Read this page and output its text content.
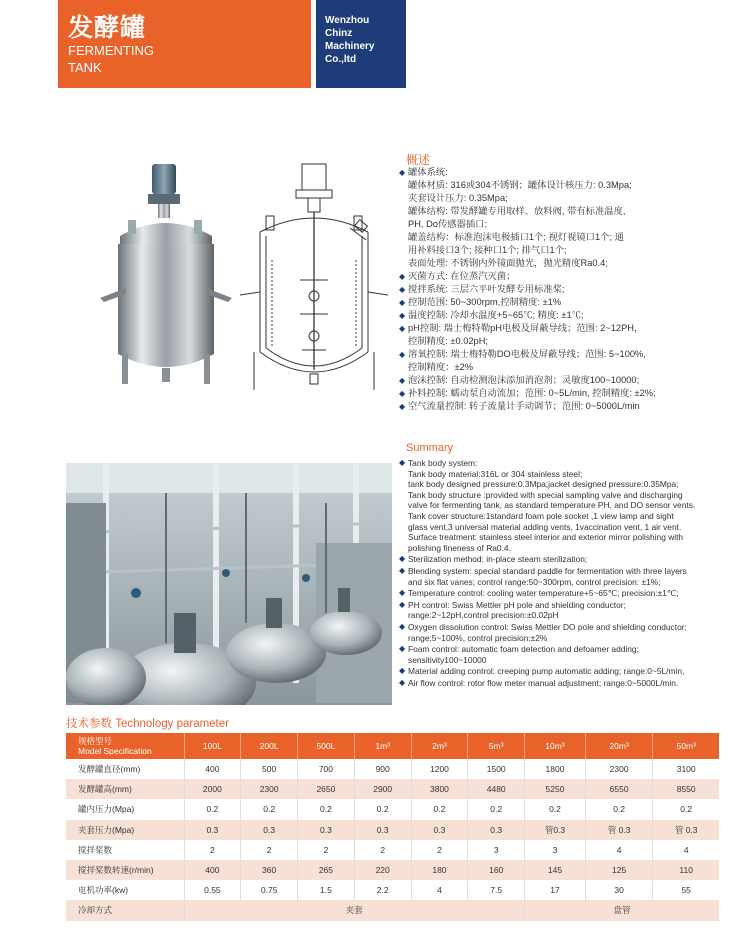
发酵罐
FERMENTING
TANK
Wenzhou
Chinz
Machinery
Co.,ltd
概述
◆ 罐体系统:
罐体材质: 316或304不锈钢；罐体设计核压力: 0.3Mpa;
夹套设计压力: 0.35Mpa;
罐体结构: 带发酵罐专用取样、放料阀, 带有标准温度,
PH, Do传感器插口;
罐盖结构：标准泡沫电极插口1个; 视灯视镜口1个; 通
用补料接口3个; 接种口1个; 排气口1个;
表面处理: 不锈钢内外镜面抛光，抛光精度Ra0.4;
◆ 灭菌方式: 在位蒸汽灭菌；
◆ 搅拌系统: 三层六平叶发酵专用标准桨;
◆ 控制范围: 50~300rpm,控制精度: ±1%
◆ 温度控制: 冷却水温度+5~65℃; 精度: ±1℃;
◆ pH控制: 瑞士梅特勒pH电极及屏蔽导线；范围: 2~12PH，
控制精度: ±0.02pH;
◆ 溶氧控制: 瑞士梅特勒DO电极及屏蔽导线；范围: 5~100%,
控制精度：±2%
◆ 泡沫控制: 自动检测泡沫添加消泡剂；灵敏度100~10000;
◆ 补料控制: 蠕动泵自动流加；范围: 0~5L/min, 控制精度: ±2%;
◆ 空气流量控制: 转子流量计手动调节；范围: 0~5000L/min
Summary
◆ Tank body system:
Tank body material:316L or 304 stainless steel;
tank body designed pressure:0.3Mpa;jacket designed pressure:0.35Mpa;
Tank body structure :provided with special sampling valve and discharging
valve for fermenting tank, as standard temperature PH, and DO sensor vents.
Tank cover structure:1standard foam pole socket ,1 view lamp and sight
glass vent,3 universal material adding vents, 1vaccination vent, 1 air vent.
Surface treatment: stainless steel interior and exterior mirror polishing with
polishing fineness of Ra0.4.
◆ Sterilization method: in-place steam sterilization;
◆ Blending system: special standard paddle for fermentation with three layers
and six flat vanes; control range:50~300rpm, control precision: ±1%;
◆ Temperature control: cooling water temperature+5~65℃; precision:±1℃;
◆ PH control: Swiss Mettler pH pole and shielding conductor;
range:2~12pH,control precision:±0.02pH
◆ Oxygen dissolution control: Swiss Mettler DO pole and shielding conductor;
range:5~100%, control precision:±2%
◆ Foam control: automatic foam detection and defoamer adding;
sensitivity100~10000
◆ Material adding control: creeping pump automatic adding; range:0~5L/min,
◆ Air flow control: rotor flow meter manual adjustment; range:0~5000L/min.
技术参数 Technology parameter
规格型号
Model Specification	100L	200L	500L	1m³	2m³	5m³	10m³	20m³	50m³
发酵罐直径(mm)	400	500	700	900	1200	1500	1800	2300	3100
发酵罐高(mm)	2000	2300	2650	2900	3800	4480	5250	6550	8550
罐内压力(Mpa)	0.2	0.2	0.2	0.2	0.2	0.2	0.2	0.2	0.2
夹套压力(Mpa)	0.3	0.3	0.3	0.3	0.3	0.3	管0.3	管 0.3	管 0.3
搅拌桨数	2	2	2	2	2	3	3	4	4
搅拌桨数转速(r/min)	400	360	265	220	180	160	145	125	110
电机功率(kw)	0.55	0.75	1.5	2.2	4	7.5	17	30	55
冷却方式	夹套						盘管		
